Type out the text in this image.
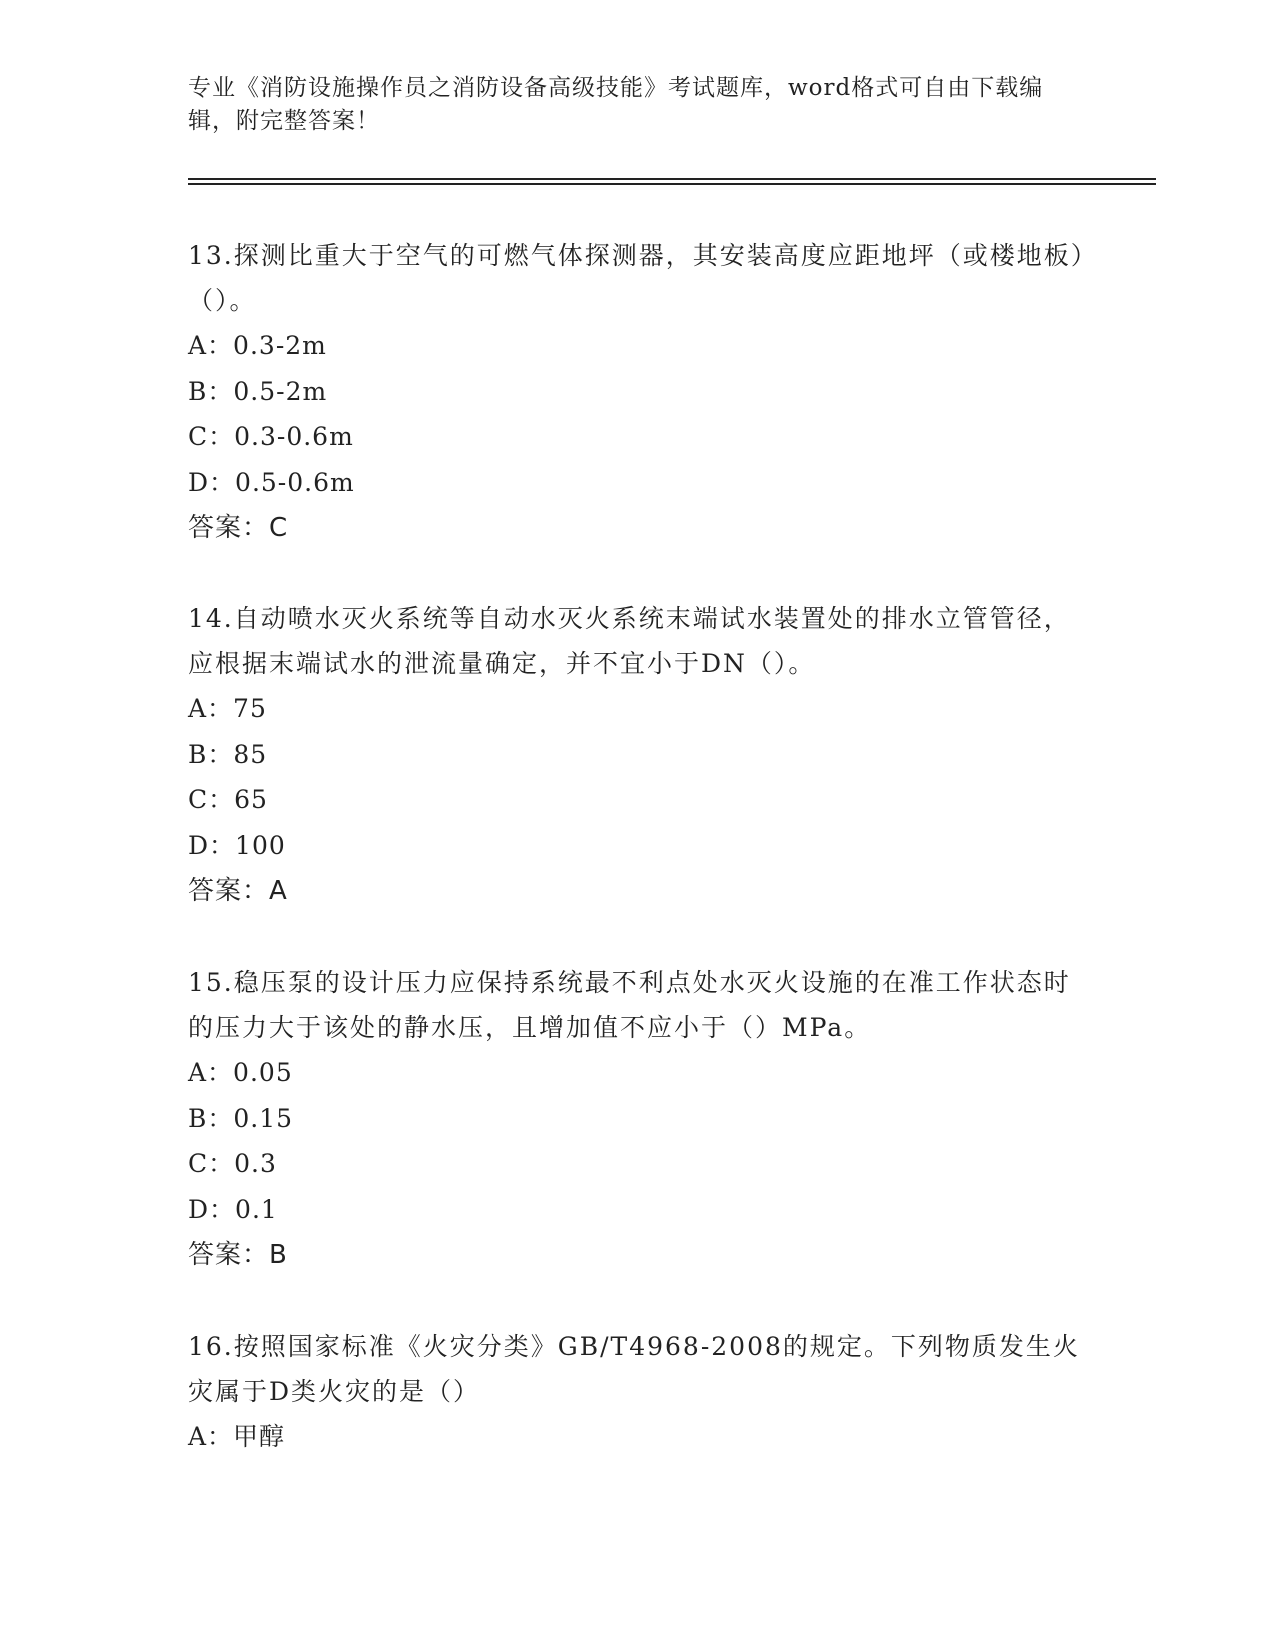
专业《消防设施操作员之消防设备高级技能》考试题库，word格式可自由下载编辑，附完整答案！

13.探测比重大于空气的可燃气体探测器，其安装高度应距地坪（或楼地板）（）。

A：0.3-2m

B：0.5-2m

C：0.3-0.6m

D：0.5-0.6m

答案：C

14.自动喷水灭火系统等自动水灭火系统末端试水装置处的排水立管管径，应根据末端试水的泄流量确定，并不宜小于DN（）。

A：75

B：85

C：65

D：100

答案：A

15.稳压泵的设计压力应保持系统最不利点处水灭火设施的在准工作状态时的压力大于该处的静水压，且增加值不应小于（）MPa。

A：0.05

B：0.15

C：0.3

D：0.1

答案：B

16.按照国家标准《火灾分类》GB/T4968-2008的规定。下列物质发生火灾属于D类火灾的是（）

A：甲醇
